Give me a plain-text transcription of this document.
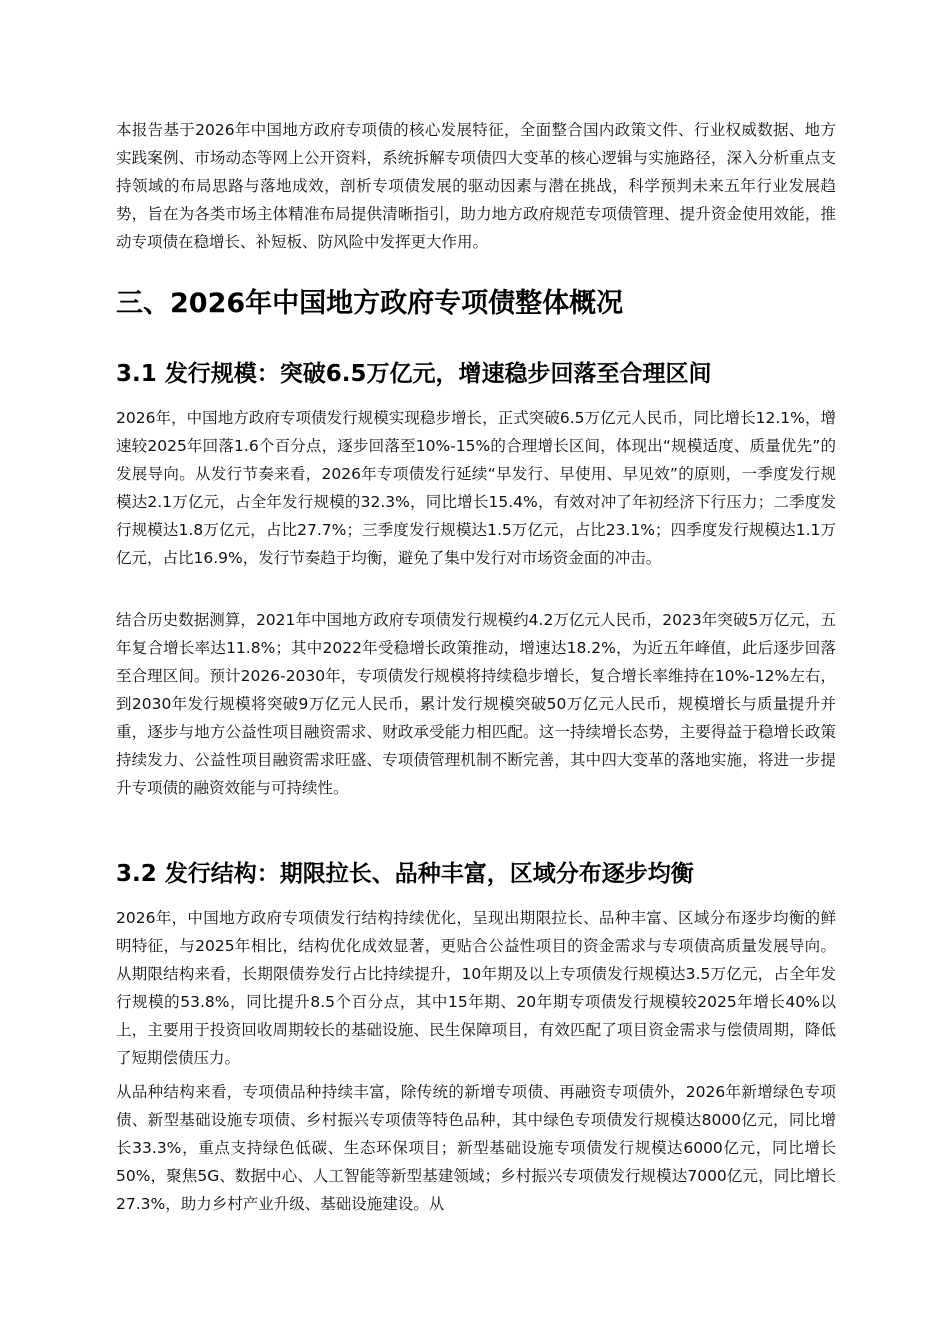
本报告基于2026年中国地方政府专项债的核心发展特征，全面整合国内政策文件、行业权威数据、地方实践案例、市场动态等网上公开资料，系统拆解专项债四大变革的核心逻辑与实施路径，深入分析重点支持领域的布局思路与落地成效，剖析专项债发展的驱动因素与潜在挑战，科学预判未来五年行业发展趋势，旨在为各类市场主体精准布局提供清晰指引，助力地方政府规范专项债管理、提升资金使用效能，推动专项债在稳增长、补短板、防风险中发挥更大作用。

三、2026年中国地方政府专项债整体概况
3.1 发行规模：突破6.5万亿元，增速稳步回落至合理区间

2026年，中国地方政府专项债发行规模实现稳步增长，正式突破6.5万亿元人民币，同比增长12.1%，增速较2025年回落1.6个百分点，逐步回落至10%-15%的合理增长区间，体现出“规模适度、质量优先”的发展导向。从发行节奏来看，2026年专项债发行延续“早发行、早使用、早见效”的原则，一季度发行规模达2.1万亿元，占全年发行规模的32.3%，同比增长15.4%，有效对冲了年初经济下行压力；二季度发行规模达1.8万亿元，占比27.7%；三季度发行规模达1.5万亿元，占比23.1%；四季度发行规模达1.1万亿元，占比16.9%，发行节奏趋于均衡，避免了集中发行对市场资金面的冲击。

结合历史数据测算，2021年中国地方政府专项债发行规模约4.2万亿元人民币，2023年突破5万亿元，五年复合增长率达11.8%；其中2022年受稳增长政策推动，增速达18.2%，为近五年峰值，此后逐步回落至合理区间。预计2026-2030年，专项债发行规模将持续稳步增长，复合增长率维持在10%-12%左右，到2030年发行规模将突破9万亿元人民币，累计发行规模突破50万亿元人民币，规模增长与质量提升并重，逐步与地方公益性项目融资需求、财政承受能力相匹配。这一持续增长态势，主要得益于稳增长政策持续发力、公益性项目融资需求旺盛、专项债管理机制不断完善，其中四大变革的落地实施，将进一步提升专项债的融资效能与可持续性。

3.2 发行结构：期限拉长、品种丰富，区域分布逐步均衡

2026年，中国地方政府专项债发行结构持续优化，呈现出期限拉长、品种丰富、区域分布逐步均衡的鲜明特征，与2025年相比，结构优化成效显著，更贴合公益性项目的资金需求与专项债高质量发展导向。从期限结构来看，长期限债券发行占比持续提升，10年期及以上专项债发行规模达3.5万亿元，占全年发行规模的53.8%，同比提升8.5个百分点，其中15年期、20年期专项债发行规模较2025年增长40%以上，主要用于投资回收周期较长的基础设施、民生保障项目，有效匹配了项目资金需求与偿债周期，降低了短期偿债压力。

从品种结构来看，专项债品种持续丰富，除传统的新增专项债、再融资专项债外，2026年新增绿色专项债、新型基础设施专项债、乡村振兴专项债等特色品种，其中绿色专项债发行规模达8000亿元，同比增长33.3%，重点支持绿色低碳、生态环保项目；新型基础设施专项债发行规模达6000亿元，同比增长50%，聚焦5G、数据中心、人工智能等新型基建领域；乡村振兴专项债发行规模达7000亿元，同比增长27.3%，助力乡村产业升级、基础设施建设。从
